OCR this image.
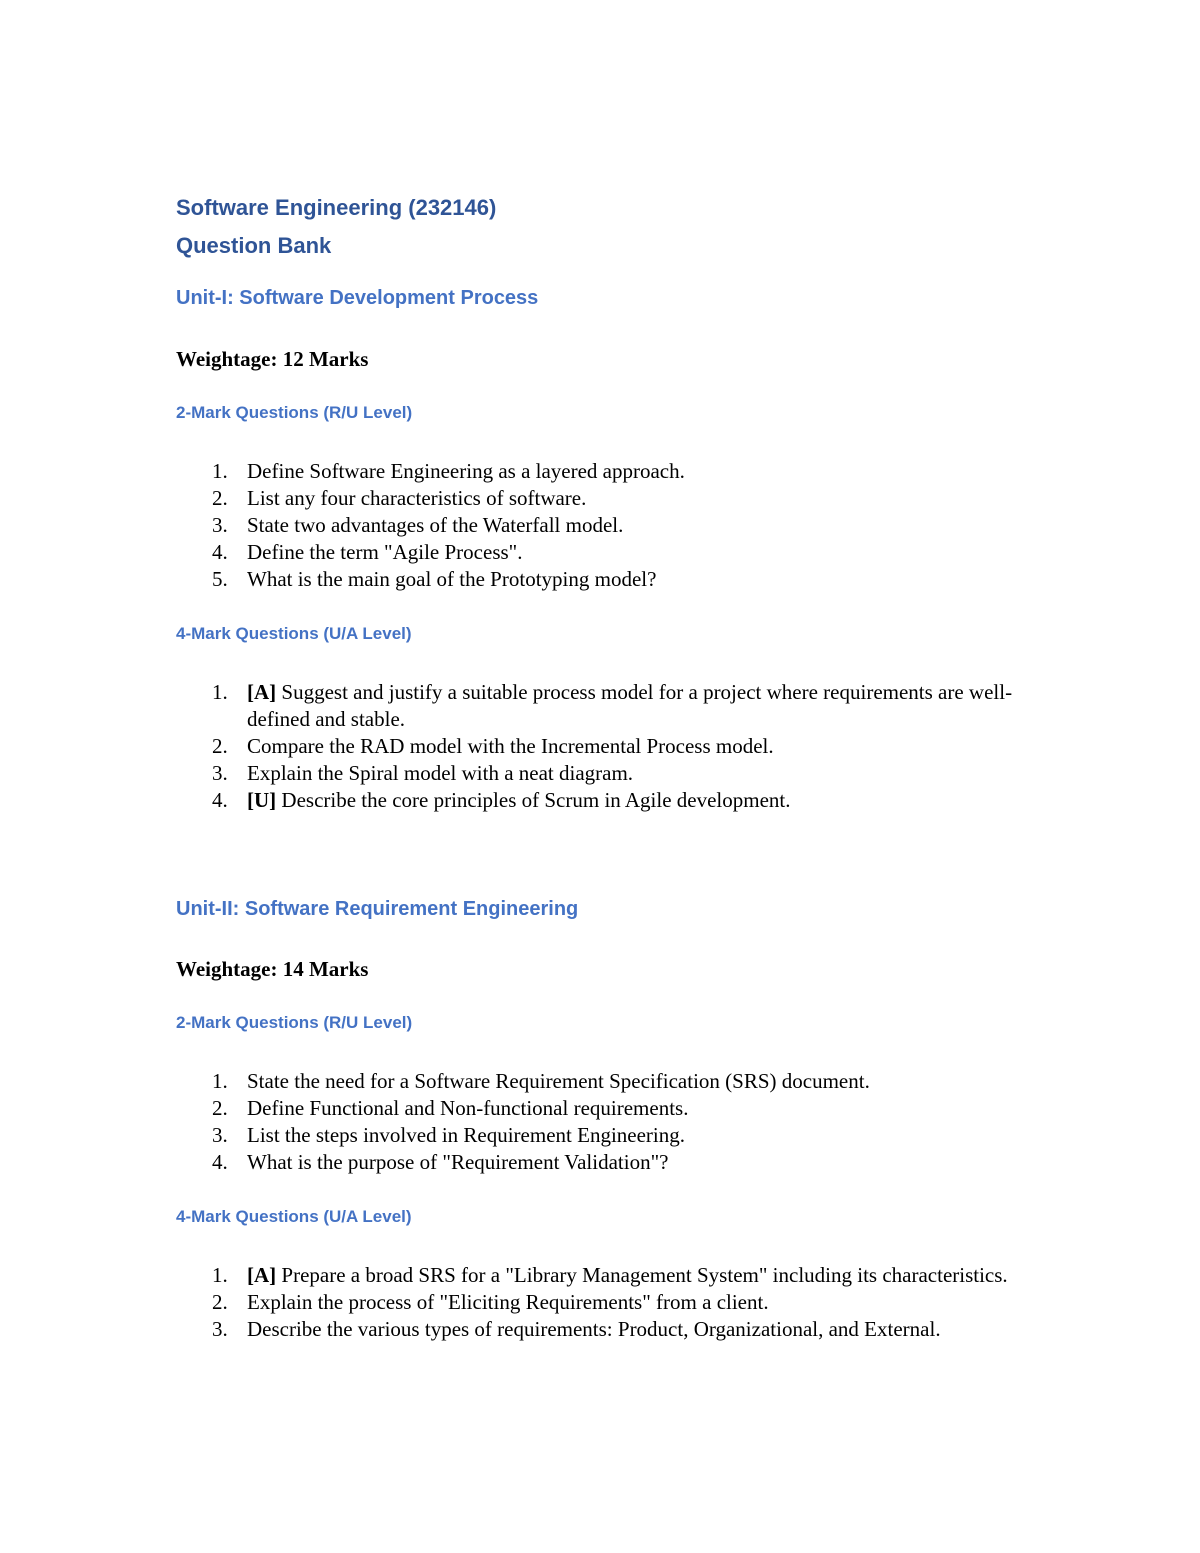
Software Engineering (232146)
Question Bank
Unit-I: Software Development Process
Weightage: 12 Marks
2-Mark Questions (R/U Level)
1. Define Software Engineering as a layered approach.
2. List any four characteristics of software.
3. State two advantages of the Waterfall model.
4. Define the term "Agile Process".
5. What is the main goal of the Prototyping model?
4-Mark Questions (U/A Level)
1. [A] Suggest and justify a suitable process model for a project where requirements are well-defined and stable.
2. Compare the RAD model with the Incremental Process model.
3. Explain the Spiral model with a neat diagram.
4. [U] Describe the core principles of Scrum in Agile development.
Unit-II: Software Requirement Engineering
Weightage: 14 Marks
2-Mark Questions (R/U Level)
1. State the need for a Software Requirement Specification (SRS) document.
2. Define Functional and Non-functional requirements.
3. List the steps involved in Requirement Engineering.
4. What is the purpose of "Requirement Validation"?
4-Mark Questions (U/A Level)
1. [A] Prepare a broad SRS for a "Library Management System" including its characteristics.
2. Explain the process of "Eliciting Requirements" from a client.
3. Describe the various types of requirements: Product, Organizational, and External.
